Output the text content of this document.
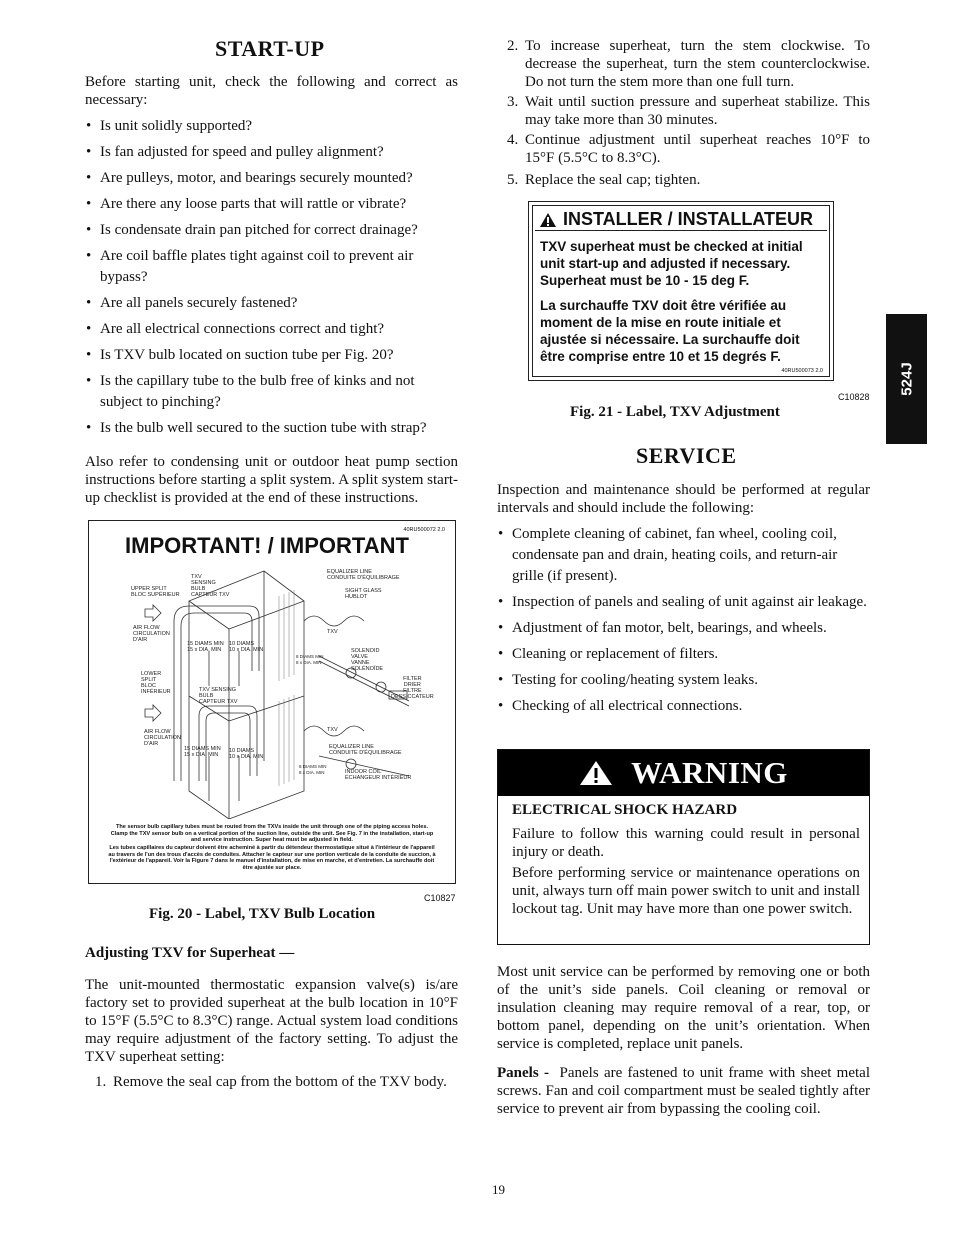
START-UP

Before starting unit, check the following and correct as necessary:

• Is unit solidly supported?
• Is fan adjusted for speed and pulley alignment?
• Are pulleys, motor, and bearings securely mounted?
• Are there any loose parts that will rattle or vibrate?
• Is condensate drain pan pitched for correct drainage?
• Are coil baffle plates tight against coil to prevent air bypass?
• Are all panels securely fastened?
• Are all electrical connections correct and tight?
• Is TXV bulb located on suction tube per Fig. 20?
• Is the capillary tube to the bulb free of kinks and not subject to pinching?
• Is the bulb well secured to the suction tube with strap?

Also refer to condensing unit or outdoor heat pump section instructions before starting a split system. A split system start-up checklist is provided at the end of these instructions.

40RU500072 2.0
IMPORTANT! / IMPORTANT
UPPER SPLIT
BLOC SUPÉRIEUR
TXV
SENSING
BULB
CAPTEUR TXV
EQUALIZER LINE
CONDUITE D'ÉQUILIBRAGE
SIGHT GLASS
HUBLOT
AIR FLOW
CIRCULATION
D'AIR
15 DIAMS MIN
15 x DIA. MIN
10 DIAMS
10 x DIA. MIN
8 DIAMS MIN
8 x DIA. MIN
TXV
SOLENOID
VALVE
VANNE
SOLÉNOÏDE
LOWER
SPLIT
BLOC
INFÉRIEUR	TXV SENSING
BULB
CAPTEUR TXV
FILTER
DRIER
FILTRE
DESSICCATEUR
AIR FLOW
CIRCULATION
D'AIR
TXV
EQUALIZER LINE
CONDUITE D'ÉQUILIBRAGE
15 DIAMS MIN
15 x DIA. MIN
10 DIAMS
10 x DIA. MIN
8 DIAMS MIN
8 x DIA. MIN	INDOOR COIL
ÉCHANGEUR INTÉRIEUR
The sensor bulb capillary tubes must be routed from the TXVs inside the unit through one of the piping access holes. Clamp the TXV sensor bulb on a vertical portion of the suction line, outside the unit. See Fig. 7 in the installation, start-up and service instruction. Super heat must be adjusted in field.
Les tubes capillaires du capteur doivent être acheminé à partir du détendeur thermostatique situé à l'intérieur de l'appareil au travers de l'un des trous d'accès de conduites. Attacher le capteur sur une portion verticale de la conduite de succion, à l'extérieur de l'appareil. Voir la Figure 7 dans le manuel d'installation, de mise en marche, et d'entretien. La surchauffe doit être ajustée sur place.
C10827
Fig. 20 - Label, TXV Bulb Location
Adjusting TXV for Superheat —

The unit-mounted thermostatic expansion valve(s) is/are factory set to provided superheat at the bulb location in 10°F to 15°F (5.5°C to 8.3°C) range. Actual system load conditions may require adjustment of the factory setting. To adjust the TXV superheat setting:

1. Remove the seal cap from the bottom of the TXV body.
2. To increase superheat, turn the stem clockwise. To decrease the superheat, turn the stem counterclockwise. Do not turn the stem more than one full turn.
3. Wait until suction pressure and superheat stabilize. This may take more than 30 minutes.
4. Continue adjustment until superheat reaches 10°F to 15°F (5.5°C to 8.3°C).
5. Replace the seal cap; tighten.
INSTALLER / INSTALLATEUR
TXV superheat must be checked at initial unit start-up and adjusted if necessary. Superheat must be 10 - 15 deg F.
La surchauffe TXV doit être vérifiée au moment de la mise en route initiale et ajustée si nécessaire. La surchauffe doit être comprise entre 10 et 15 degrés F.
40RU500073 2.0
C10828
Fig. 21 - Label, TXV Adjustment
524J
SERVICE

Inspection and maintenance should be performed at regular intervals and should include the following:

• Complete cleaning of cabinet, fan wheel, cooling coil, condensate pan and drain, heating coils, and return-air grille (if present).
• Inspection of panels and sealing of unit against air leakage.
• Adjustment of fan motor, belt, bearings, and wheels.
• Cleaning or replacement of filters.
• Testing for cooling/heating system leaks.
• Checking of all electrical connections.
WARNING
ELECTRICAL SHOCK HAZARD

Failure to follow this warning could result in personal injury or death.

Before performing service or maintenance operations on unit, always turn off main power switch to unit and install lockout tag. Unit may have more than one power switch.

Most unit service can be performed by removing one or both of the unit’s side panels. Coil cleaning or removal or insulation cleaning may require removal of a rear, top, or bottom panel, depending on the unit’s orientation. When service is completed, replace unit panels.

Panels - Panels are fastened to unit frame with sheet metal screws. Fan and coil compartment must be sealed tightly after service to prevent air from bypassing the cooling coil.

19
